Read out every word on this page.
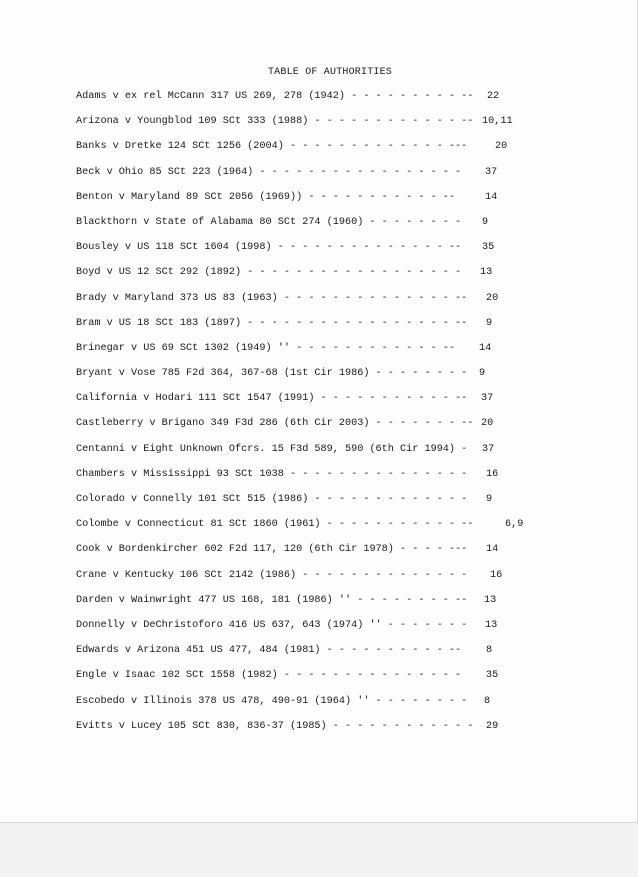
TABLE OF AUTHORITIES
Adams v ex rel McCann 317 US 269, 278 (1942) - - - - - - - - - -- 22
Arizona v Youngblod 109 SCt 333 (1988) - - - - - - - - - - - - -- 10,11
Banks v Dretke 124 SCt 1256 (2004) - - - - - - - - - - - - - ---	20
Beck v Ohio 85 SCt 223 (1964) - - - - - - - - - - - - - - - - - 37
Benton v Maryland 89 SCt 2056 (1969)) - - - - - - - - - - - --	14
Blackthorn v State of Alabama 80 SCt 274 (1960) - - - - - - - - 9
Bousley v US 118 SCt 1604 (1998) - - - - - - - - - - - - - - -- 35
Boyd v US 12 SCt 292 (1892) - - - - - - - - - - - - - - - - - - 13
Brady v Maryland 373 US 83 (1963) - - - - - - - - - - - - - - -- 20
Bram v US 18 SCt 183 (1897) - - - - - - - - - - - - - - - - - -- 9
Brinegar v US 69 SCt 1302 (1949) '' - - - - - - - - - - - - -- 14
Bryant v Vose 785 F2d 364, 367-68 (1st Cir 1986) - - - - - - - - 9
California v Hodari 111 SCt 1547 (1991) - - - - - - - - - - - -- 37
Castleberry v Brigano 349 F3d 286 (6th Cir 2003) - - - - - - - -- 20
Centanni v Eight Unknown Ofcrs. 15 F3d 589, 590 (6th Cir 1994) - 37
Chambers v Mississippi 93 SCt 1038 - - - - - - - - - - - - - - - 16
Colorado v Connelly 101 SCt 515 (1986) - - - - - - - - - - - - - 9
Colombe v Connecticut 81 SCt 1860 (1961) - - - - - - - - - - - --	6,9
Cook v Bordenkircher 602 F2d 117, 120 (6th Cir 1978) - - - - --- 14
Crane v Kentucky 106 SCt 2142 (1986) - - - - - - - - - - - - - - 16
Darden v Wainwright 477 US 168, 181 (1986) '' - - - - - - - - -- 13
Donnelly v DeChristoforo 416 US 637, 643 (1974) '' - - - - - - - 13
Edwards v Arizona 451 US 477, 484 (1981) - - - - - - - - - - -- 8
Engle v Isaac 102 SCt 1558 (1982) - - - - - - - - - - - - - - - 35
Escobedo v Illinois 378 US 478, 490-91 (1964) '' - - - - - - - - 8
Evitts v Lucey 105 SCt 830, 836-37 (1985) - - - - - - - - - - - - 29
